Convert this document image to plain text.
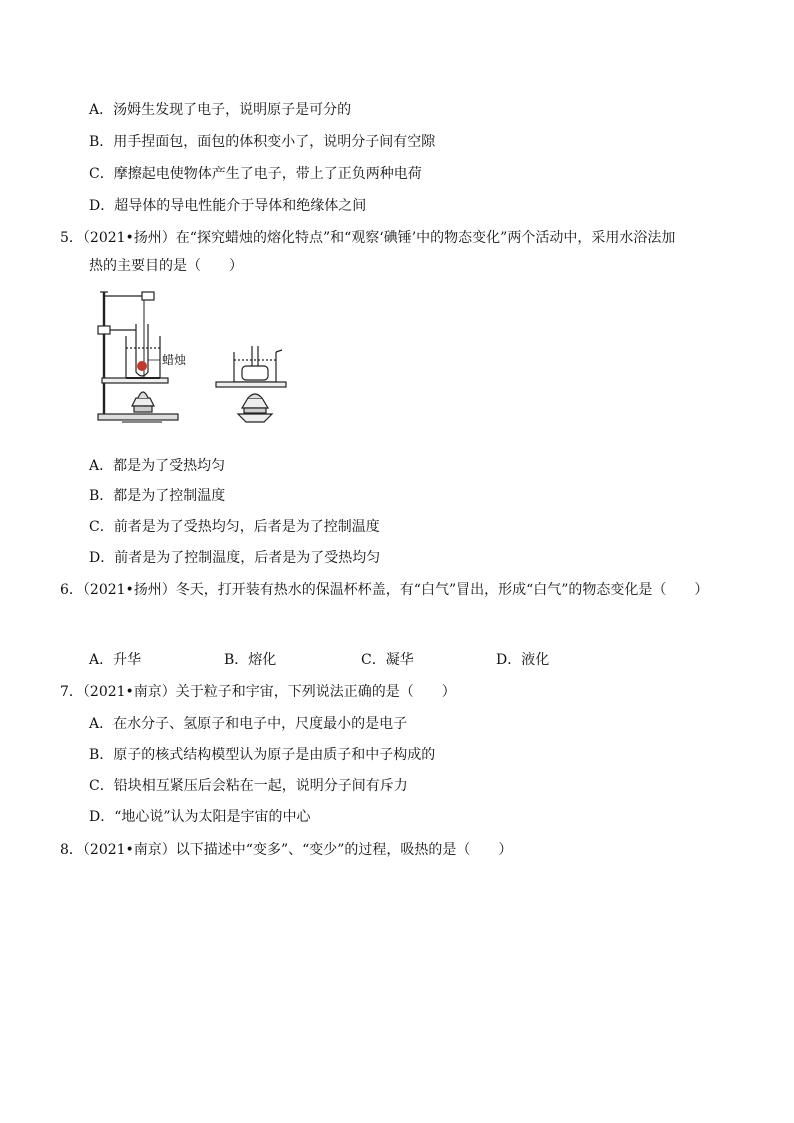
A．汤姆生发现了电子，说明原子是可分的
B．用手捏面包，面包的体积变小了，说明分子间有空隙
C．摩擦起电使物体产生了电子，带上了正负两种电荷
D．超导体的导电性能介于导体和绝缘体之间
5．（2021•扬州）在“探究蜡烛的熔化特点”和“观察‘碘锤’中的物态变化”两个活动中，采用水浴法加
热的主要目的是（　　）
蜡烛
A．都是为了受热均匀
B．都是为了控制温度
C．前者是为了受热均匀，后者是为了控制温度
D．前者是为了控制温度，后者是为了受热均匀
6．（2021•扬州）冬天，打开装有热水的保温杯杯盖，有“白气”冒出，形成“白气”的物态变化是（　　）
A．升华	B．熔化	C．凝华	D．液化
7．（2021•南京）关于粒子和宇宙，下列说法正确的是（　　）
A．在水分子、氢原子和电子中，尺度最小的是电子
B．原子的核式结构模型认为原子是由质子和中子构成的
C．铅块相互紧压后会粘在一起，说明分子间有斥力
D．“地心说”认为太阳是宇宙的中心
8．（2021•南京）以下描述中“变多”、“变少”的过程，吸热的是（　　）
